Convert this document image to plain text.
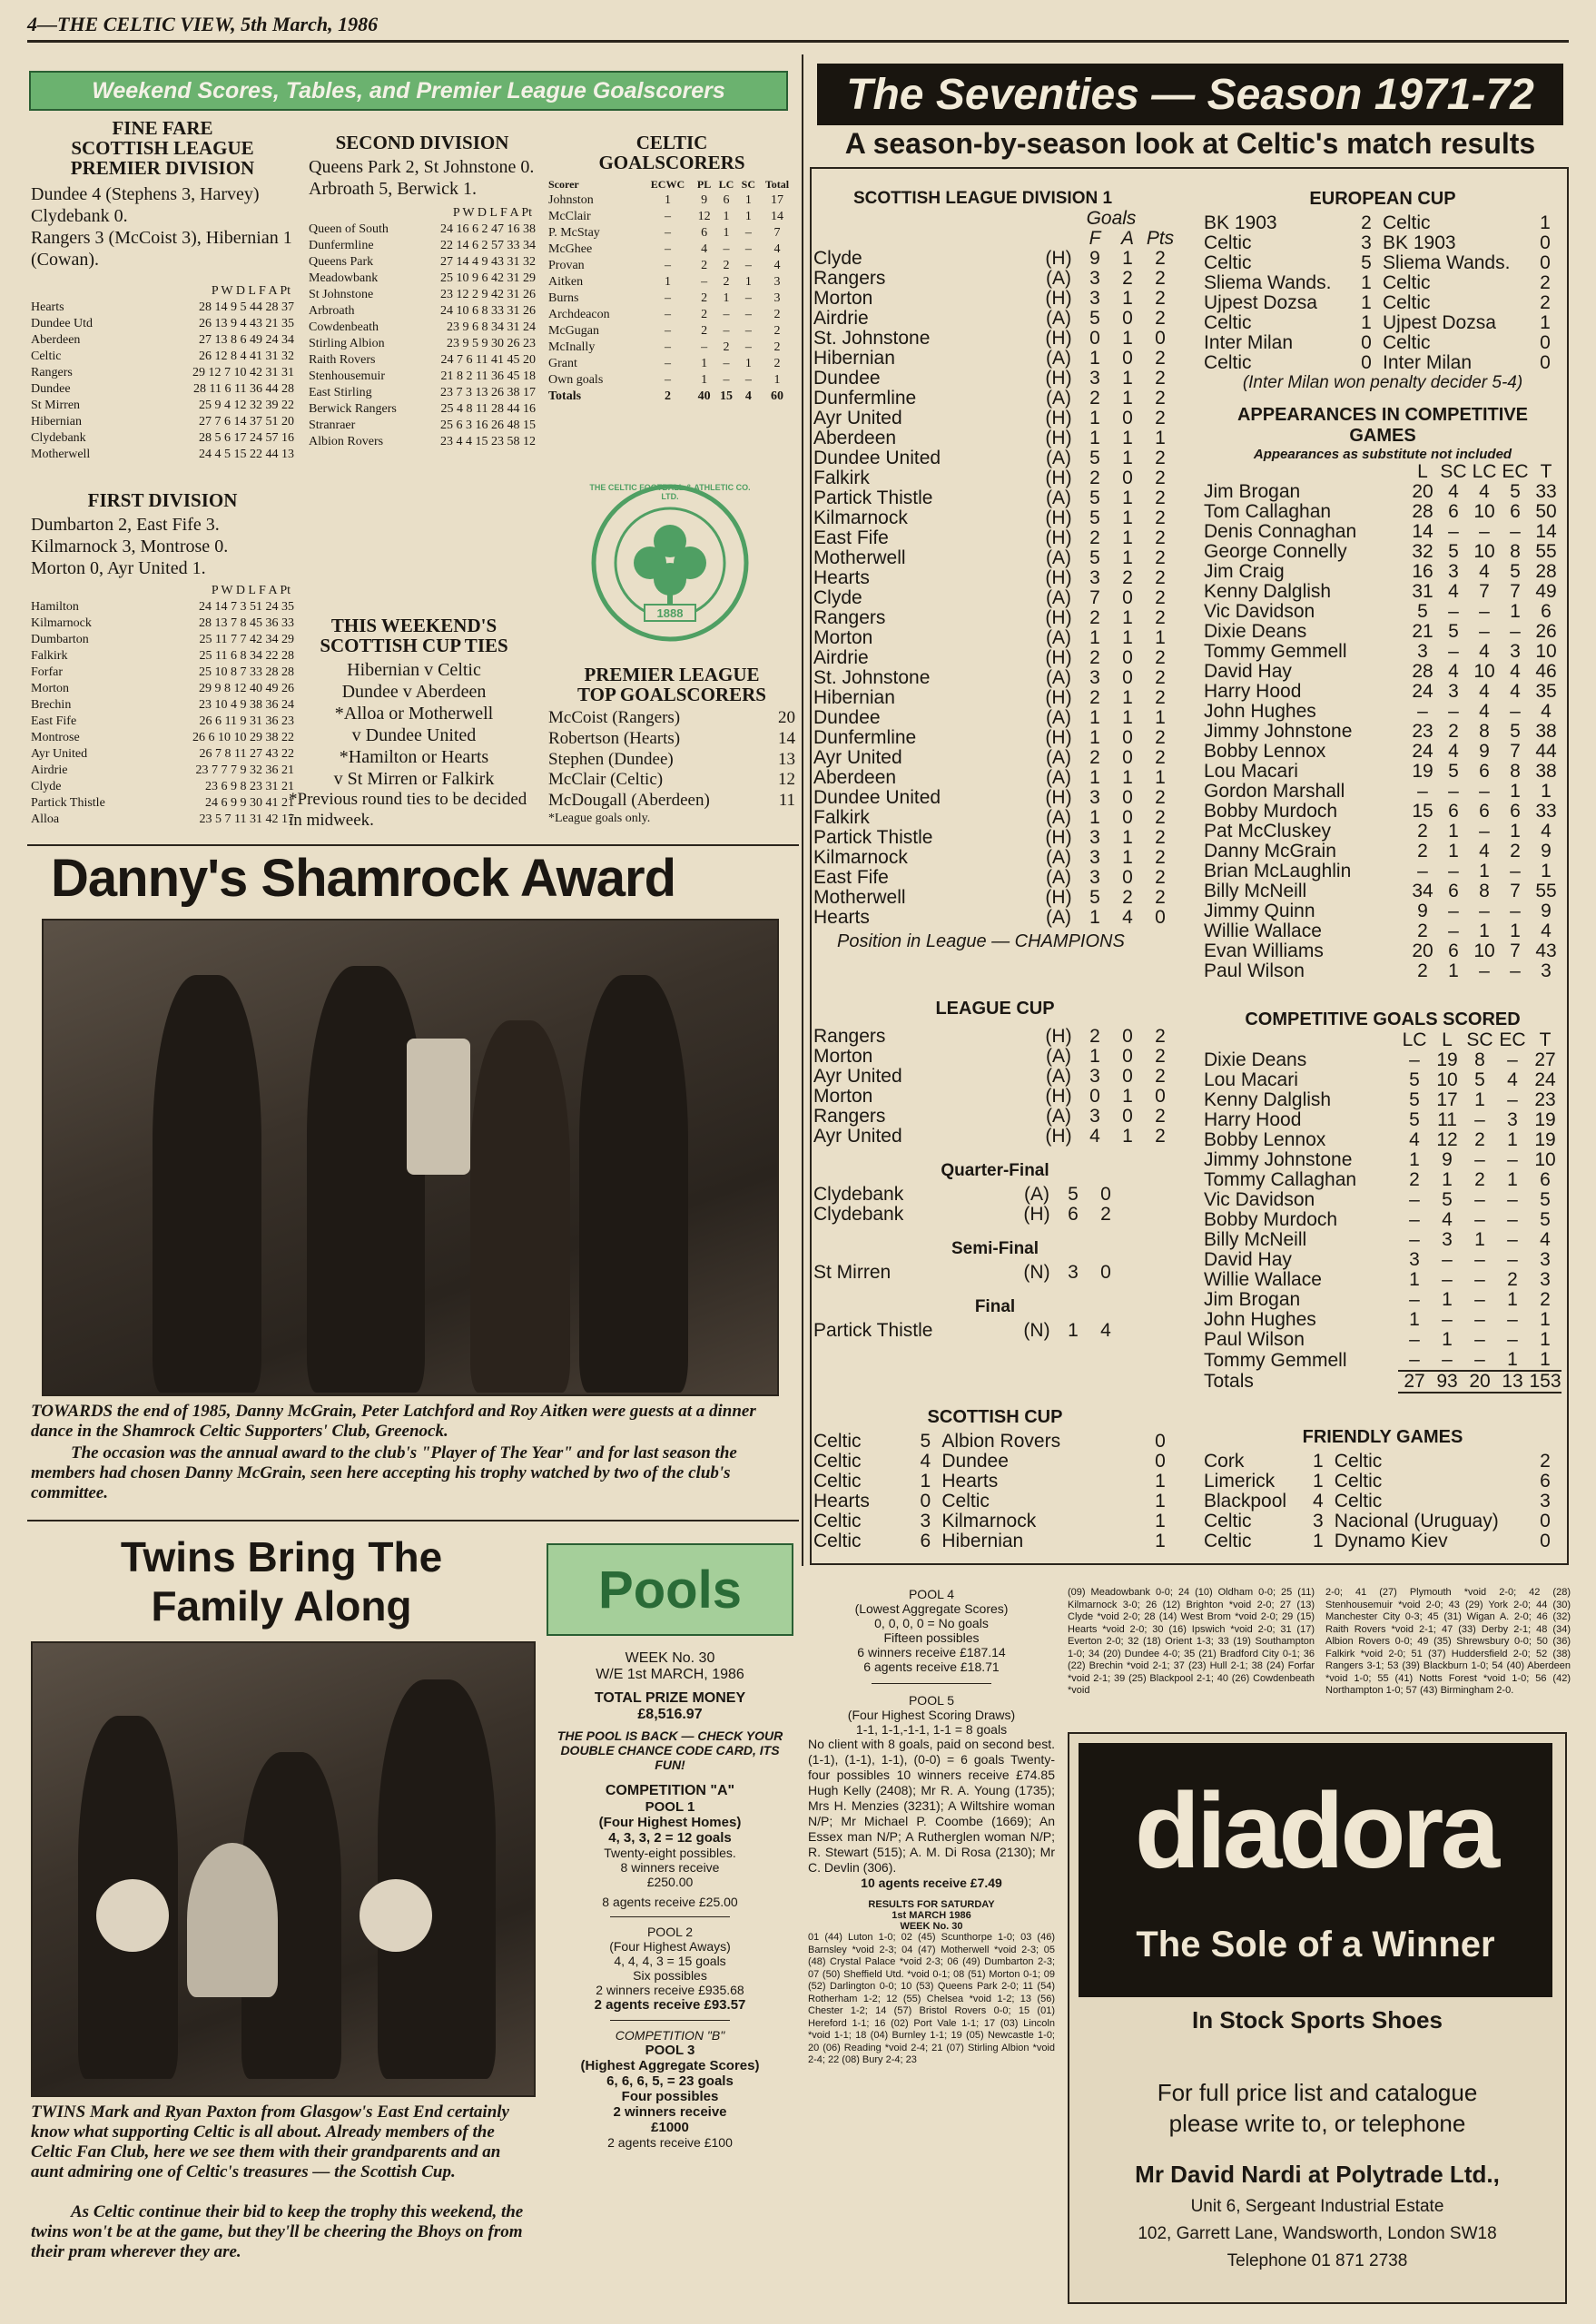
4—THE CELTIC VIEW, 5th March, 1986
Weekend Scores, Tables, and Premier League Goalscorers
FINE FARE
SCOTTISH LEAGUE
PREMIER DIVISION
Dundee 4 (Stephens 3, Harvey) Clydebank 0.
Rangers 3 (McCoist 3), Hibernian 1 (Cowan).
P W D L F A Pt
Hearts	28 14 9 5 44 28 37
Dundee Utd	26 13 9 4 43 21 35
Aberdeen	27 13 8 6 49 24 34
Celtic	26 12 8 4 41 31 32
Rangers	29 12 7 10 42 31 31
Dundee	28 11 6 11 36 44 28
St Mirren	25 9 4 12 32 39 22
Hibernian	27 7 6 14 37 51 20
Clydebank	28 5 6 17 24 57 16
Motherwell	24 4 5 15 22 44 13
FIRST DIVISION
Dumbarton 2, East Fife 3.
Kilmarnock 3, Montrose 0.
Morton 0, Ayr United 1.
P W D L F A Pt
Hamilton	24 14 7 3 51 24 35
Kilmarnock	28 13 7 8 45 36 33
Dumbarton	25 11 7 7 42 34 29
Falkirk	25 11 6 8 34 22 28
Forfar	25 10 8 7 33 28 28
Morton	29 9 8 12 40 49 26
Brechin	23 10 4 9 38 36 24
East Fife	26 6 11 9 31 36 23
Montrose	26 6 10 10 29 38 22
Ayr United	26 7 8 11 27 43 22
Airdrie	23 7 7 7 9 32 36 21
Clyde	23 6 9 8 23 31 21
Partick Thistle	24 6 9 9 30 41 21
Alloa	23 5 7 11 31 42 17
SECOND DIVISION
Queens Park 2, St Johnstone 0.
Arbroath 5, Berwick 1.
P W D L F A Pt
Queen of South	24 16 6 2 47 16 38
Dunfermline	22 14 6 2 57 33 34
Queens Park	27 14 4 9 43 31 32
Meadowbank	25 10 9 6 42 31 29
St Johnstone	23 12 2 9 42 31 26
Arbroath	24 10 6 8 33 31 26
Cowdenbeath	23 9 6 8 34 31 24
Stirling Albion	23 9 5 9 30 26 23
Raith Rovers	24 7 6 11 41 45 20
Stenhousemuir	21 8 2 11 36 45 18
East Stirling	23 7 3 13 26 38 17
Berwick Rangers	25 4 8 11 28 44 16
Stranraer	25 6 3 16 26 48 15
Albion Rovers	23 4 4 15 23 58 12
CELTIC
GOALSCORERS
Scorer	ECWC	PL	LC	SC	Total
Johnston	1	9	6	1	17
McClair	–	12	1	1	14
P. McStay	–	6	1	–	7
McGhee	–	4	–	–	4
Provan	–	2	2	–	4
Aitken	1	–	2	1	3
Burns	–	2	1	–	3
Archdeacon	–	2	–	–	2
McGugan	–	2	–	–	2
McInally	–	–	2	–	2
Grant	–	1	–	1	2
Own goals	–	1	–	–	1
Totals	2	40	15	4	60
THE CELTIC FOOTBALL & ATHLETIC CO. LTD.
1888
THIS WEEKEND'S
SCOTTISH CUP TIES
Hibernian v Celtic
Dundee v Aberdeen
*Alloa or Motherwell
v Dundee United
*Hamilton or Hearts
v St Mirren or Falkirk
*Previous round ties to be decided in midweek.
PREMIER LEAGUE
TOP GOALSCORERS
McCoist (Rangers)	20
Robertson (Hearts)	14
Stephen (Dundee)	13
McClair (Celtic)	12
McDougall (Aberdeen)	11
*League goals only.
Danny's Shamrock Award
TOWARDS the end of 1985, Danny McGrain, Peter Latchford and Roy Aitken were guests at a dinner dance in the Shamrock Celtic Supporters' Club, Greenock.
The occasion was the annual award to the club's "Player of The Year" and for last season the members had chosen Danny McGrain, seen here accepting his trophy watched by two of the club's committee.
Twins Bring The
Family Along
TWINS Mark and Ryan Paxton from Glasgow's East End certainly know what supporting Celtic is all about. Already members of the Celtic Fan Club, here we see them with their grandparents and an aunt admiring one of Celtic's treasures — the Scottish Cup.
As Celtic continue their bid to keep the trophy this weekend, the twins won't be at the game, but they'll be cheering the Bhoys on from their pram wherever they are.
Pools
WEEK No. 30
W/E 1st MARCH, 1986
TOTAL PRIZE MONEY
£8,516.97
THE POOL IS BACK — CHECK YOUR DOUBLE CHANCE CODE CARD, ITS FUN!
COMPETITION "A"
POOL 1
(Four Highest Homes)
4, 3, 3, 2 = 12 goals
Twenty-eight possibles.
8 winners receive
£250.00
8 agents receive £25.00
POOL 2
(Four Highest Aways)
4, 4, 4, 3 = 15 goals
Six possibles
2 winners receive £935.68
2 agents receive £93.57
COMPETITION "B"
POOL 3
(Highest Aggregate Scores)
6, 6, 6, 5, = 23 goals
Four possibles
2 winners receive
£1000
2 agents receive £100
POOL 4
(Lowest Aggregate Scores)
0, 0, 0, 0 = No goals
Fifteen possibles
6 winners receive £187.14
6 agents receive £18.71
POOL 5
(Four Highest Scoring Draws)
1-1, 1-1,-1-1, 1-1 = 8 goals
No client with 8 goals, paid on second best. (1-1), (1-1), 1-1), (0-0) = 6 goals Twenty-four possibles 10 winners receive £74.85 Hugh Kelly (2408); Mr R. A. Young (1735); Mrs H. Menzies (3231); A Wiltshire woman N/P; Mr Michael P. Coombe (1669); An Essex man N/P; A Rutherglen woman N/P; R. Stewart (515); A. M. Di Rosa (2130); Mr C. Devlin (306).
10 agents receive £7.49
RESULTS FOR SATURDAY
1st MARCH 1986
WEEK No. 30
01 (44) Luton 1-0; 02 (45) Scunthorpe 1-0; 03 (46) Barnsley *void 2-3; 04 (47) Motherwell *void 2-3; 05 (48) Crystal Palace *void 2-3; 06 (49) Dumbarton 2-3; 07 (50) Sheffield Utd. *void 0-1; 08 (51) Morton 0-1; 09 (52) Darlington 0-0; 10 (53) Queens Park 2-0; 11 (54) Rotherham 1-2; 12 (55) Chelsea *void 1-2; 13 (56) Chester 1-2; 14 (57) Bristol Rovers 0-0; 15 (01) Hereford 1-1; 16 (02) Port Vale 1-1; 17 (03) Lincoln *void 1-1; 18 (04) Burnley 1-1; 19 (05) Newcastle 1-0; 20 (06) Reading *void 2-4; 21 (07) Stirling Albion *void 2-4; 22 (08) Bury 2-4; 23
(09) Meadowbank 0-0; 24 (10) Oldham 0-0; 25 (11) Kilmarnock 3-0; 26 (12) Brighton *void 2-0; 27 (13) Clyde *void 2-0; 28 (14) West Brom *void 2-0; 29 (15) Hearts *void 2-0; 30 (16) Ipswich *void 2-0; 31 (17) Everton 2-0; 32 (18) Orient 1-3; 33 (19) Southampton 1-0; 34 (20) Dundee 4-0; 35 (21) Bradford City 0-1; 36 (22) Brechin *void 2-1; 37 (23) Hull 2-1; 38 (24) Forfar *void 2-1; 39 (25) Blackpool 2-1; 40 (26) Cowdenbeath *void
2-0; 41 (27) Plymouth *void 2-0; 42 (28) Stenhousemuir *void 2-0; 43 (29) York 2-0; 44 (30) Manchester City 0-3; 45 (31) Wigan A. 2-0; 46 (32) Raith Rovers *void 2-1; 47 (33) Derby 2-1; 48 (34) Albion Rovers 0-0; 49 (35) Shrewsbury 0-0; 50 (36) Falkirk *void 2-0; 51 (37) Huddersfield 2-0; 52 (38) Rangers 3-1; 53 (39) Blackburn 1-0; 54 (40) Aberdeen *void 1-0; 55 (41) Notts Forest *void 1-0; 56 (42) Northampton 1-0; 57 (43) Birmingham 2-0.
diadora
The Sole of a Winner
In Stock Sports Shoes
For full price list and catalogue
please write to, or telephone
Mr David Nardi at Polytrade Ltd.,
Unit 6, Sergeant Industrial Estate
102, Garrett Lane, Wandsworth, London SW18
Telephone 01 871 2738
The Seventies — Season 1971-72
A season-by-season look at Celtic's match results
SCOTTISH LEAGUE DIVISION 1
		Goals		
		F	A	Pts
Clyde	(H)	9	1	2
Rangers	(A)	3	2	2
Morton	(H)	3	1	2
Airdrie	(A)	5	0	2
St. Johnstone	(H)	0	1	0
Hibernian	(A)	1	0	2
Dundee	(H)	3	1	2
Dunfermline	(A)	2	1	2
Ayr United	(H)	1	0	2
Aberdeen	(H)	1	1	1
Dundee United	(A)	5	1	2
Falkirk	(H)	2	0	2
Partick Thistle	(A)	5	1	2
Kilmarnock	(H)	5	1	2
East Fife	(H)	2	1	2
Motherwell	(A)	5	1	2
Hearts	(H)	3	2	2
Clyde	(A)	7	0	2
Rangers	(H)	2	1	2
Morton	(A)	1	1	1
Airdrie	(H)	2	0	2
St. Johnstone	(A)	3	0	2
Hibernian	(H)	2	1	2
Dundee	(A)	1	1	1
Dunfermline	(H)	1	0	2
Ayr United	(A)	2	0	2
Aberdeen	(A)	1	1	1
Dundee United	(H)	3	0	2
Falkirk	(A)	1	0	2
Partick Thistle	(H)	3	1	2
Kilmarnock	(A)	3	1	2
East Fife	(A)	3	0	2
Motherwell	(H)	5	2	2
Hearts	(A)	1	4	0
Position in League — CHAMPIONS
LEAGUE CUP
Rangers	(H)	2	0	2
Morton	(A)	1	0	2
Ayr United	(A)	3	0	2
Morton	(H)	0	1	0
Rangers	(A)	3	0	2
Ayr United	(H)	4	1	2
Quarter-Final
Clydebank	(A)	5	0
Clydebank	(H)	6	2
Semi-Final
St Mirren	(N)	3	0
Final
Partick Thistle	(N)	1	4
SCOTTISH CUP
Celtic	5	Albion Rovers	0
Celtic	4	Dundee	0
Celtic	1	Hearts	1
Hearts	0	Celtic	1
Celtic	3	Kilmarnock	1
Celtic	6	Hibernian	1
EUROPEAN CUP
BK 1903	2	Celtic	1
Celtic	3	BK 1903	0
Celtic	5	Sliema Wands.	0
Sliema Wands.	1	Celtic	2
Ujpest Dozsa	1	Celtic	2
Celtic	1	Ujpest Dozsa	1
Inter Milan	0	Celtic	0
Celtic	0	Inter Milan	0
(Inter Milan won penalty decider 5-4)
APPEARANCES IN COMPETITIVE
GAMES
Appearances as substitute not included
	L	SC	LC	EC	T
Jim Brogan	20	4	4	5	33
Tom Callaghan	28	6	10	6	50
Denis Connaghan	14	–	–	–	14
George Connelly	32	5	10	8	55
Jim Craig	16	3	4	5	28
Kenny Dalglish	31	4	7	7	49
Vic Davidson	5	–	–	1	6
Dixie Deans	21	5	–	–	26
Tommy Gemmell	3	–	4	3	10
David Hay	28	4	10	4	46
Harry Hood	24	3	4	4	35
John Hughes	–	–	4	–	4
Jimmy Johnstone	23	2	8	5	38
Bobby Lennox	24	4	9	7	44
Lou Macari	19	5	6	8	38
Gordon Marshall	–	–	–	1	1
Bobby Murdoch	15	6	6	6	33
Pat McCluskey	2	1	–	1	4
Danny McGrain	2	1	4	2	9
Brian McLaughlin	–	–	1	–	1
Billy McNeill	34	6	8	7	55
Jimmy Quinn	9	–	–	–	9
Willie Wallace	2	–	1	1	4
Evan Williams	20	6	10	7	43
Paul Wilson	2	1	–	–	3
COMPETITIVE GOALS SCORED
	LC	L	SC	EC	T
Dixie Deans	–	19	8	–	27
Lou Macari	5	10	5	4	24
Kenny Dalglish	5	17	1	–	23
Harry Hood	5	11	–	3	19
Bobby Lennox	4	12	2	1	19
Jimmy Johnstone	1	9	–	–	10
Tommy Callaghan	2	1	2	1	6
Vic Davidson	–	5	–	–	5
Bobby Murdoch	–	4	–	–	5
Billy McNeill	–	3	1	–	4
David Hay	3	–	–	–	3
Willie Wallace	1	–	–	2	3
Jim Brogan	–	1	–	1	2
John Hughes	1	–	–	–	1
Paul Wilson	–	1	–	–	1
Tommy Gemmell	–	–	–	1	1
Totals	27	93	20	13	153
FRIENDLY GAMES
Cork	1	Celtic	2
Limerick	1	Celtic	6
Blackpool	4	Celtic	3
Celtic	3	Nacional (Uruguay)	0
Celtic	1	Dynamo Kiev	0
